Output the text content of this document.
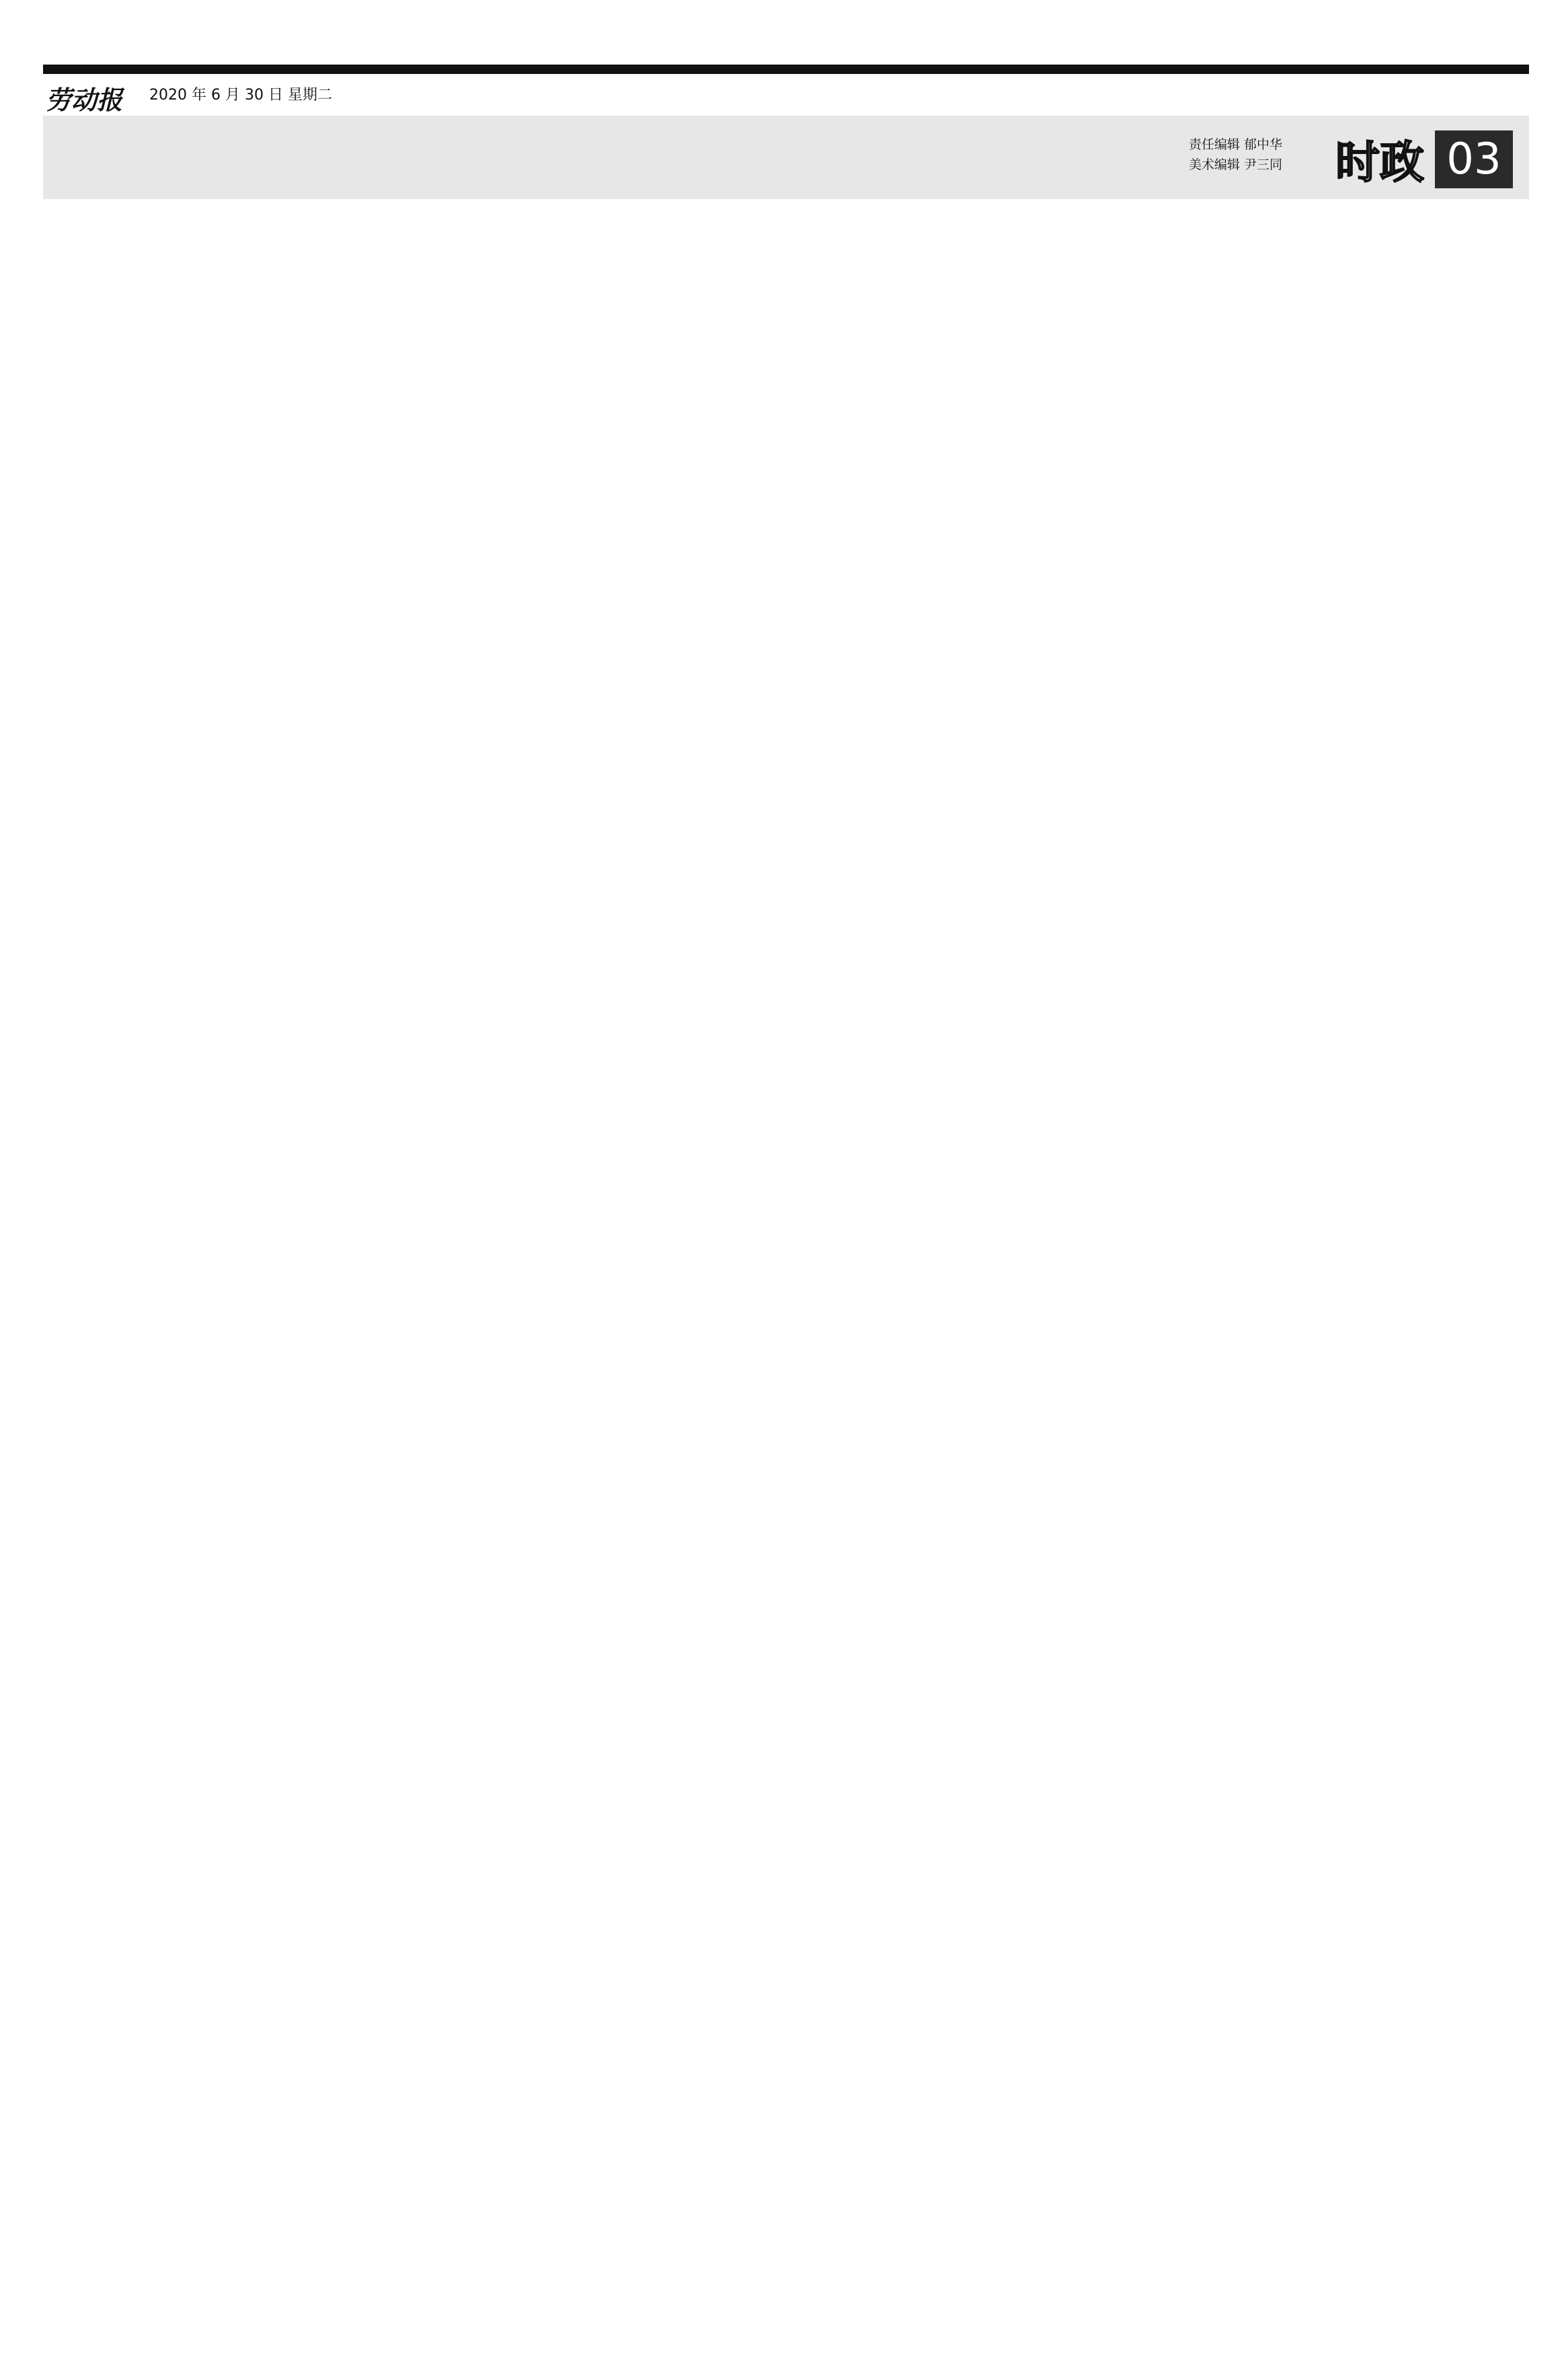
劳动报 2020 年 6 月 30 日 星期二
责任编辑 郁中华
美术编辑 尹三同 时政 03
